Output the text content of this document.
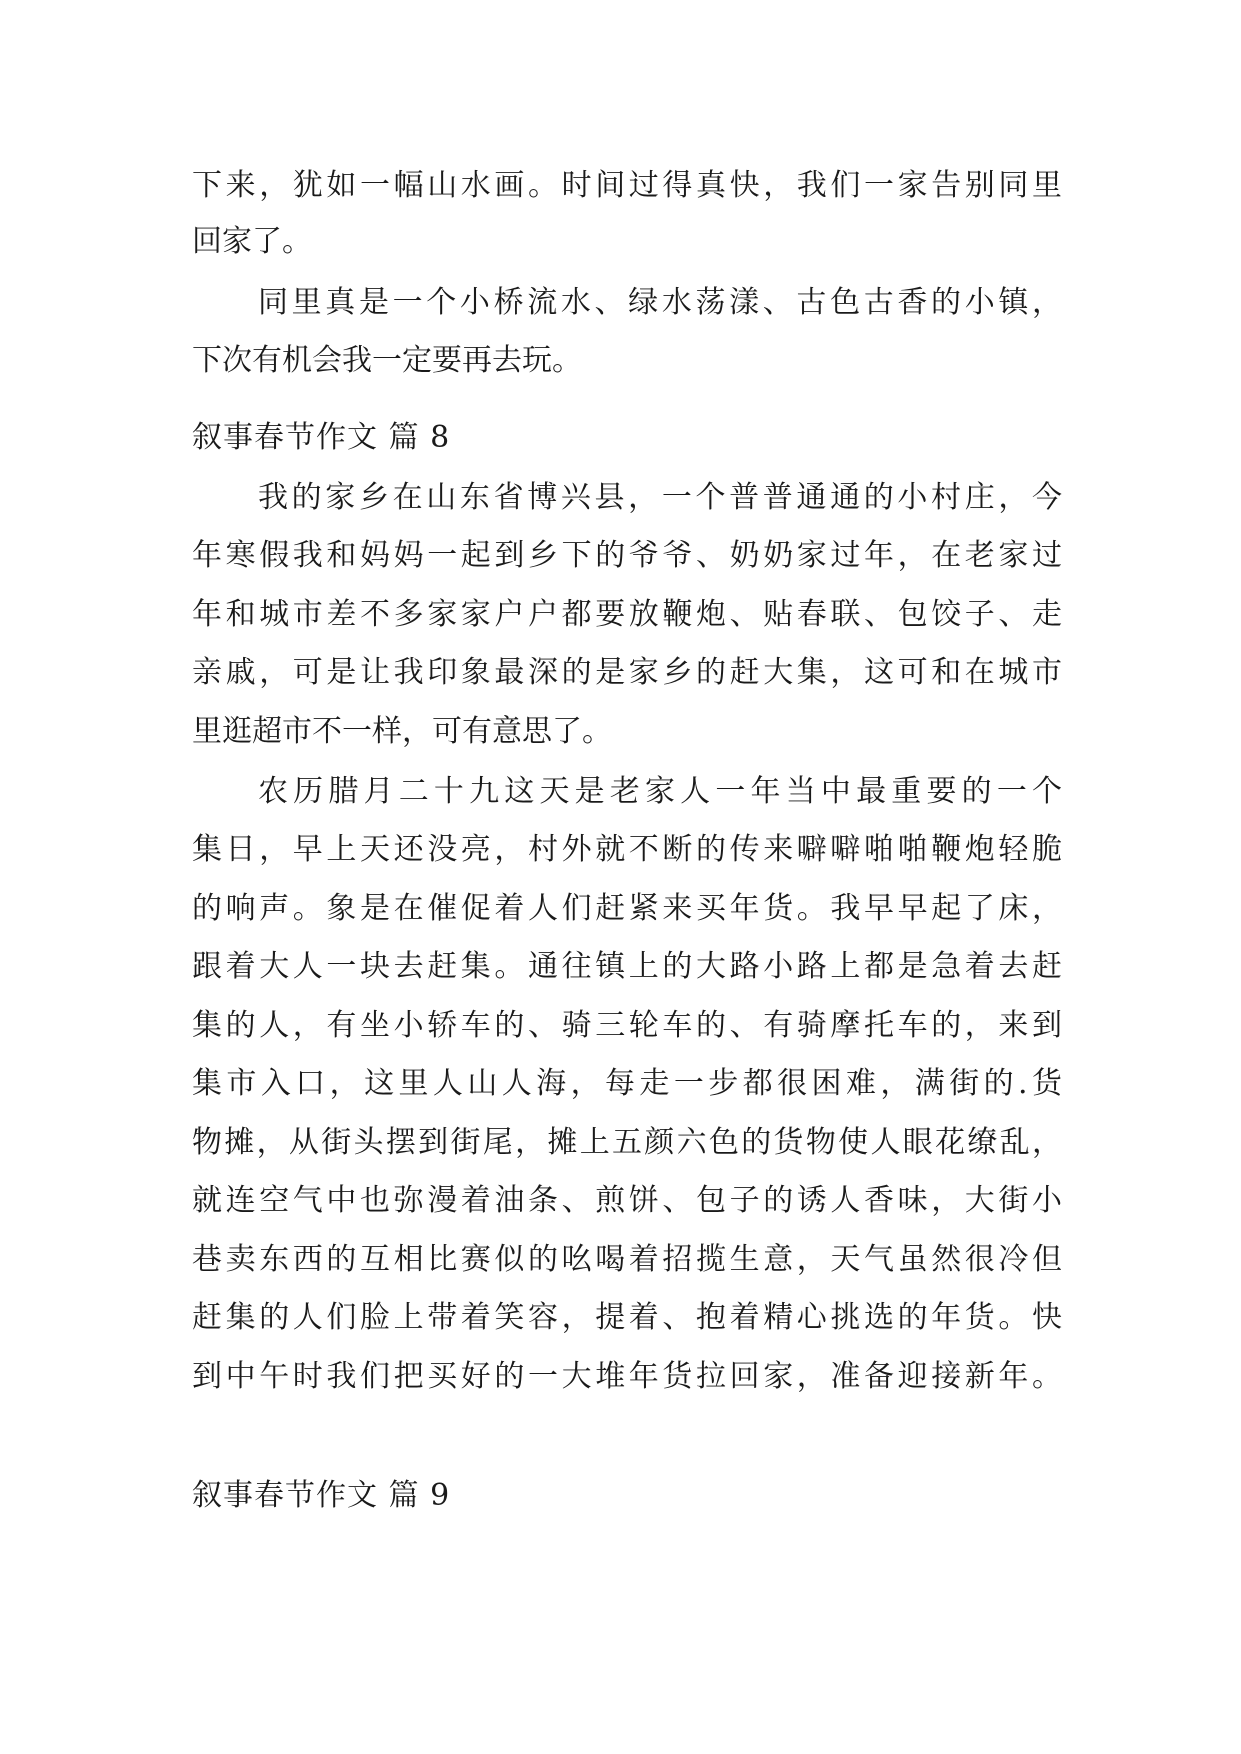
下来，犹如一幅山水画。时间过得真快，我们一家告别同里
回家了。
同里真是一个小桥流水、绿水荡漾、古色古香的小镇，
下次有机会我一定要再去玩。
叙事春节作文 篇 8
我的家乡在山东省博兴县，一个普普通通的小村庄，今
年寒假我和妈妈一起到乡下的爷爷、奶奶家过年，在老家过
年和城市差不多家家户户都要放鞭炮、贴春联、包饺子、走
亲戚，可是让我印象最深的是家乡的赶大集，这可和在城市
里逛超市不一样，可有意思了。
农历腊月二十九这天是老家人一年当中最重要的一个
集日，早上天还没亮，村外就不断的传来噼噼啪啪鞭炮轻脆
的响声。象是在催促着人们赶紧来买年货。我早早起了床，
跟着大人一块去赶集。通往镇上的大路小路上都是急着去赶
集的人，有坐小轿车的、骑三轮车的、有骑摩托车的，来到
集市入口，这里人山人海，每走一步都很困难，满街的.货
物摊，从街头摆到街尾，摊上五颜六色的货物使人眼花缭乱，
就连空气中也弥漫着油条、煎饼、包子的诱人香味，大街小
巷卖东西的互相比赛似的吆喝着招揽生意，天气虽然很冷但
赶集的人们脸上带着笑容，提着、抱着精心挑选的年货。快
到中午时我们把买好的一大堆年货拉回家，准备迎接新年。
叙事春节作文 篇 9
